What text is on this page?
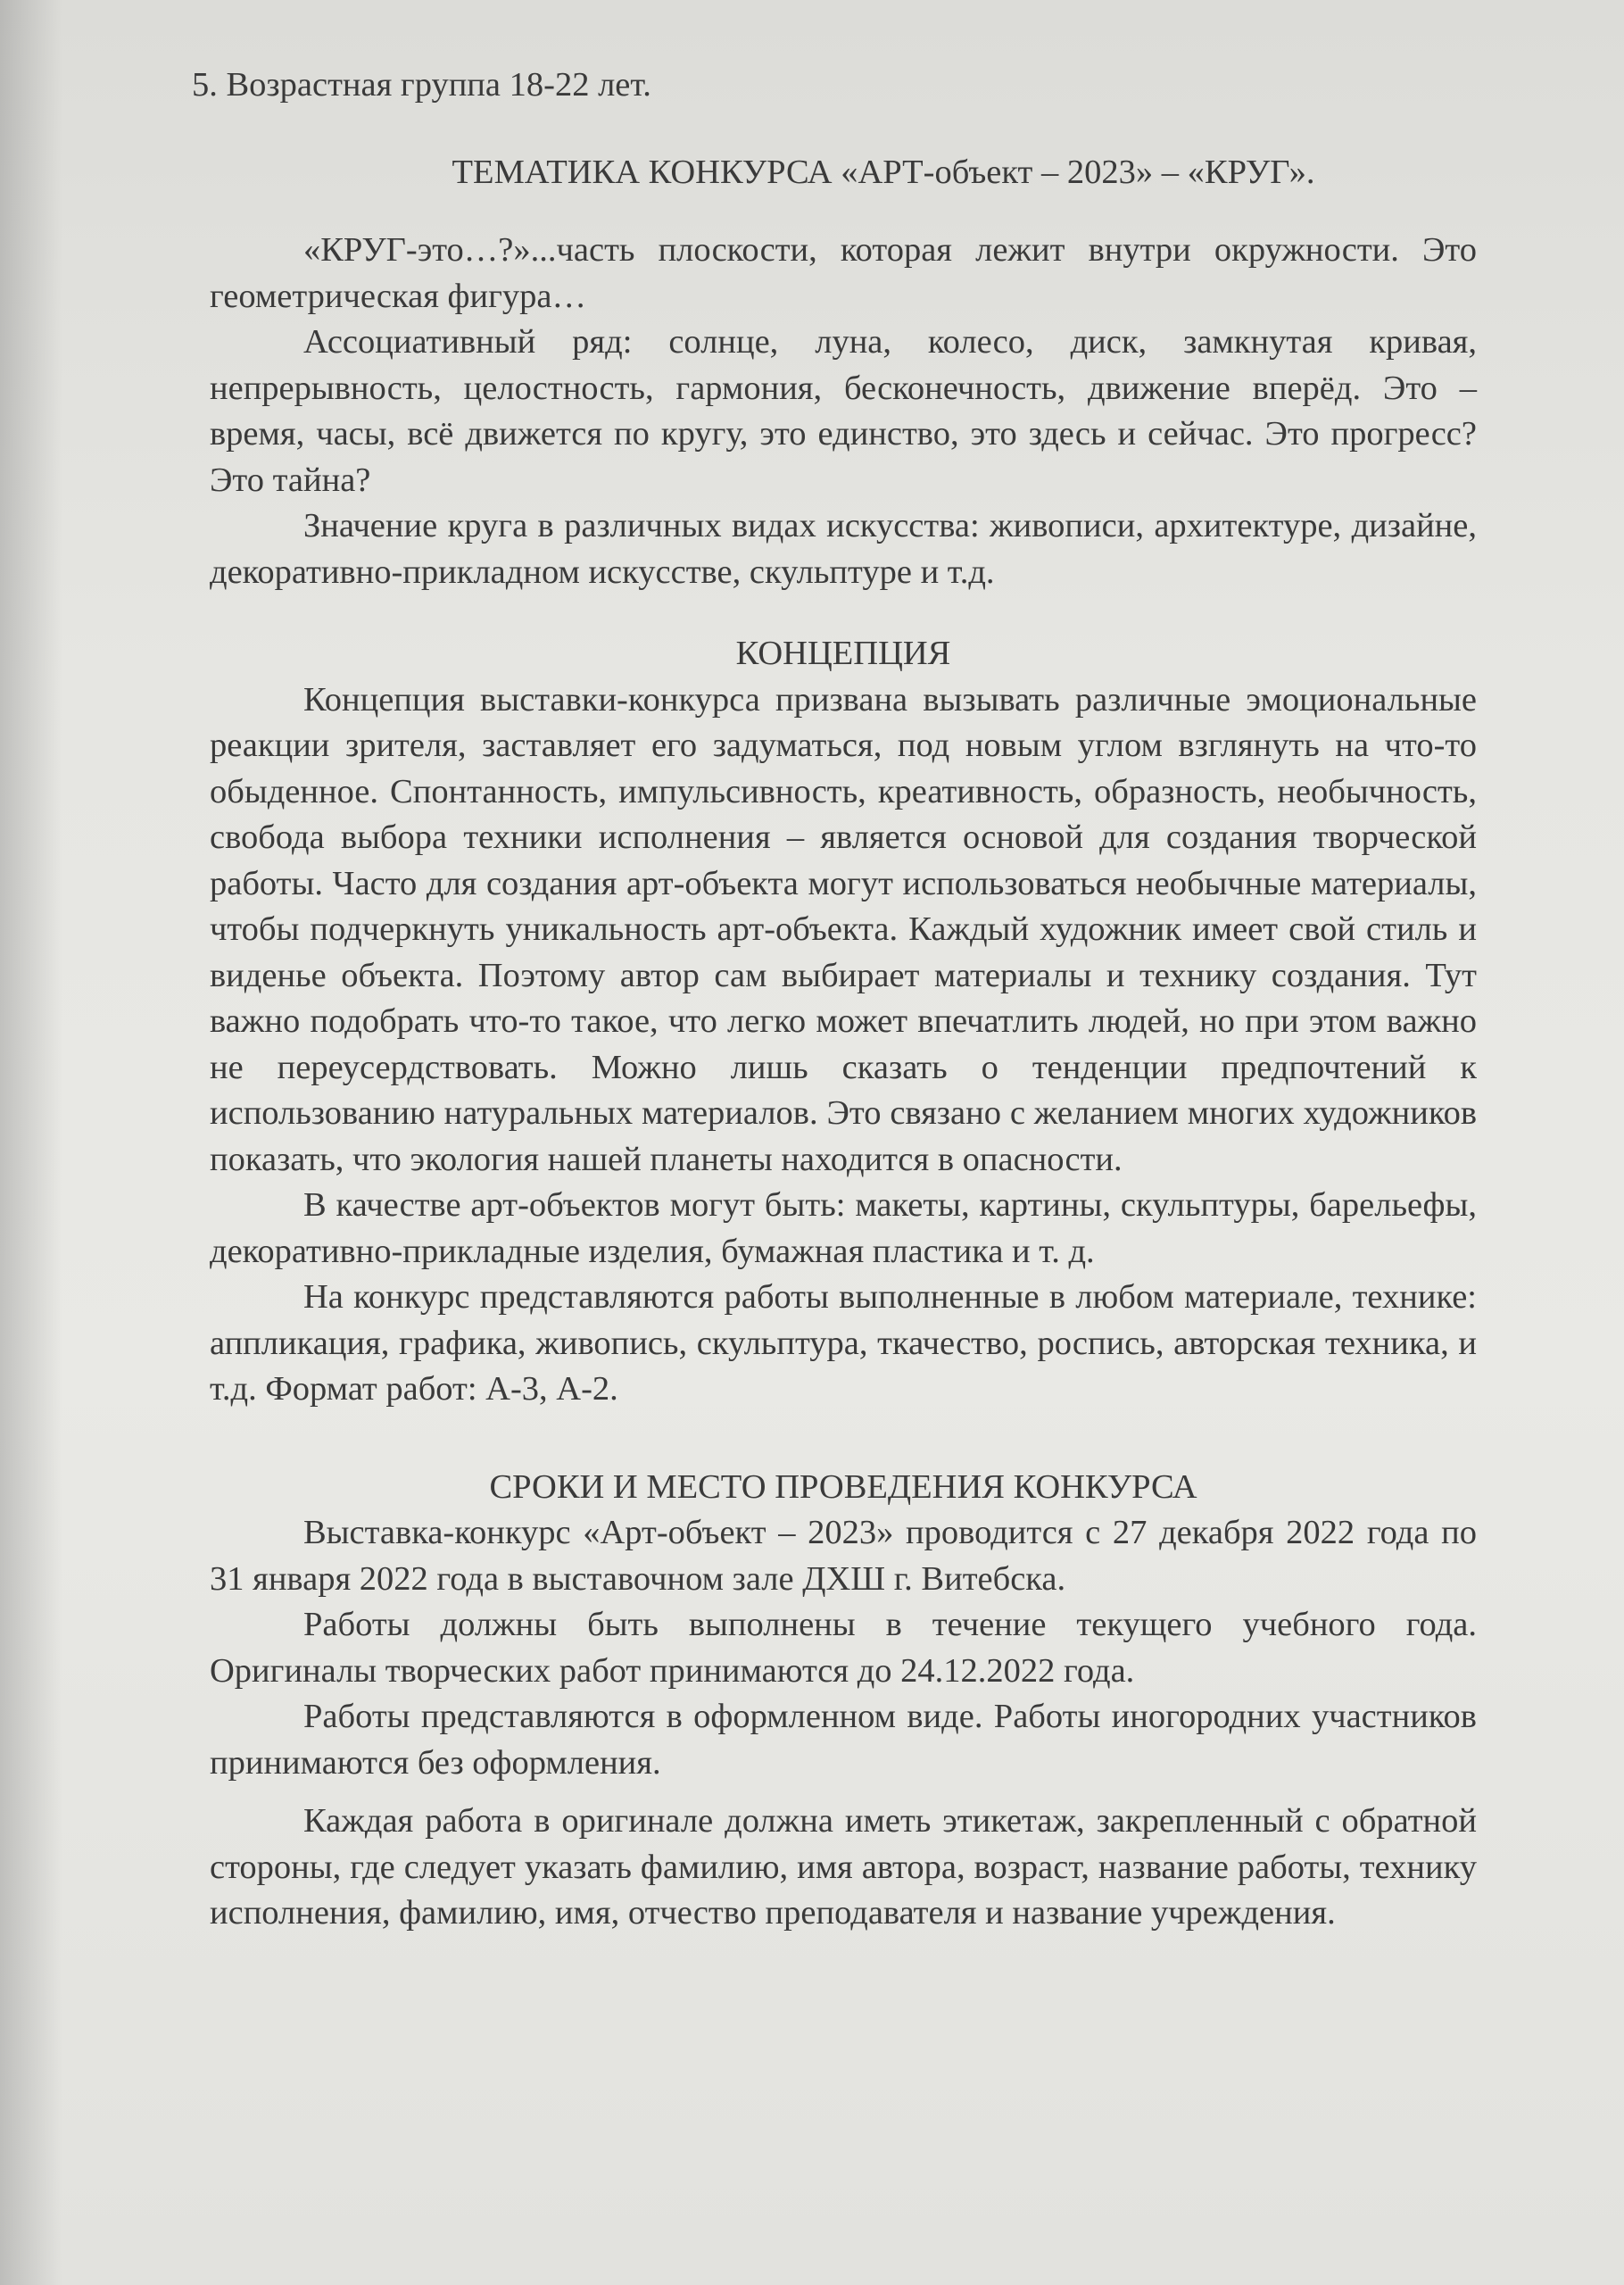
5. Возрастная группа 18-22 лет.
ТЕМАТИКА КОНКУРСА «АРТ-объект – 2023» – «КРУГ».

«КРУГ-это…?»...часть плоскости, которая лежит внутри окружности. Это геометрическая фигура…

Ассоциативный ряд: солнце, луна, колесо, диск, замкнутая кривая, непрерывность, целостность, гармония, бесконечность, движение вперёд. Это – время, часы, всё движется по кругу, это единство, это здесь и сейчас. Это прогресс? Это тайна?

Значение круга в различных видах искусства: живописи, архитектуре, дизайне, декоративно-прикладном искусстве, скульптуре и т.д.

КОНЦЕПЦИЯ

Концепция выставки-конкурса призвана вызывать различные эмоциональные реакции зрителя, заставляет его задуматься, под новым углом взглянуть на что-то обыденное. Спонтанность, импульсивность, креативность, образность, необычность, свобода выбора техники исполнения – является основой для создания творческой работы. Часто для создания арт-объекта могут использоваться необычные материалы, чтобы подчеркнуть уникальность арт-объекта. Каждый художник имеет свой стиль и виденье объекта. Поэтому автор сам выбирает материалы и технику создания. Тут важно подобрать что-то такое, что легко может впечатлить людей, но при этом важно не переусердствовать. Можно лишь сказать о тенденции предпочтений к использованию натуральных материалов. Это связано с желанием многих художников показать, что экология нашей планеты находится в опасности.

В качестве арт-объектов могут быть: макеты, картины, скульптуры, барельефы, декоративно-прикладные изделия, бумажная пластика и т. д.

На конкурс представляются работы выполненные в любом материале, технике: аппликация, графика, живопись, скульптура, ткачество, роспись, авторская техника, и т.д. Формат работ: А-3, А-2.

СРОКИ И МЕСТО ПРОВЕДЕНИЯ КОНКУРСА

Выставка-конкурс «Арт-объект – 2023» проводится с 27 декабря 2022 года по 31 января 2022 года в выставочном зале ДХШ г. Витебска.

Работы должны быть выполнены в течение текущего учебного года. Оригиналы творческих работ принимаются до 24.12.2022 года.

Работы представляются в оформленном виде. Работы иногородних участников принимаются без оформления.

Каждая работа в оригинале должна иметь этикетаж, закрепленный с обратной стороны, где следует указать фамилию, имя автора, возраст, название работы, технику исполнения, фамилию, имя, отчество преподавателя и название учреждения.
